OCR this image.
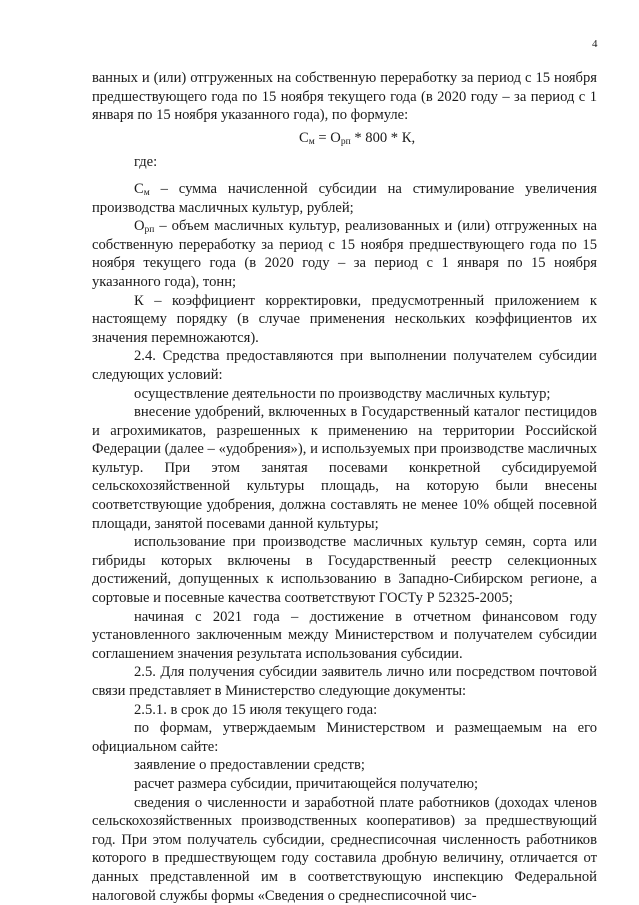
4

ванных и (или) отгруженных на собственную переработку за период с 15 ноября предшествующего года по 15 ноября текущего года (в 2020 году – за период с 1 января по 15 ноября указанного года), по формуле:

$С_м = О_{рп} * 800 * К$,

где:

$С_м$ – сумма начисленной субсидии на стимулирование увеличения производства масличных культур, рублей;

$О_{рп}$ – объем масличных культур, реализованных и (или) отгруженных на собственную переработку за период с 15 ноября предшествующего года по 15 ноября текущего года (в 2020 году – за период с 1 января по 15 ноября указанного года), тонн;

К – коэффициент корректировки, предусмотренный приложением к настоящему порядку (в случае применения нескольких коэффициентов их значения перемножаются).

2.4. Средства предоставляются при выполнении получателем субсидии следующих условий:

осуществление деятельности по производству масличных культур;

внесение удобрений, включенных в Государственный каталог пестицидов и агрохимикатов, разрешенных к применению на территории Российской Федерации (далее – «удобрения»), и используемых при производстве масличных культур. При этом занятая посевами конкретной субсидируемой сельскохозяйственной культуры площадь, на которую были внесены соответствующие удобрения, должна составлять не менее 10% общей посевной площади, занятой посевами данной культуры;

использование при производстве масличных культур семян, сорта или гибриды которых включены в Государственный реестр селекционных достижений, допущенных к использованию в Западно-Сибирском регионе, а сортовые и посевные качества соответствуют ГОСТу Р 52325-2005;

начиная с 2021 года – достижение в отчетном финансовом году установленного заключенным между Министерством и получателем субсидии соглашением значения результата использования субсидии.

2.5. Для получения субсидии заявитель лично или посредством почтовой связи представляет в Министерство следующие документы:

2.5.1. в срок до 15 июля текущего года:

по формам, утверждаемым Министерством и размещаемым на его официальном сайте:

заявление о предоставлении средств;

расчет размера субсидии, причитающейся получателю;

сведения о численности и заработной плате работников (доходах членов сельскохозяйственных производственных кооперативов) за предшествующий год. При этом получатель субсидии, среднесписочная численность работников которого в предшествующем году составила дробную величину, отличается от данных представленной им в соответствующую инспекцию Федеральной налоговой службы формы «Сведения о среднесписочной чис-
